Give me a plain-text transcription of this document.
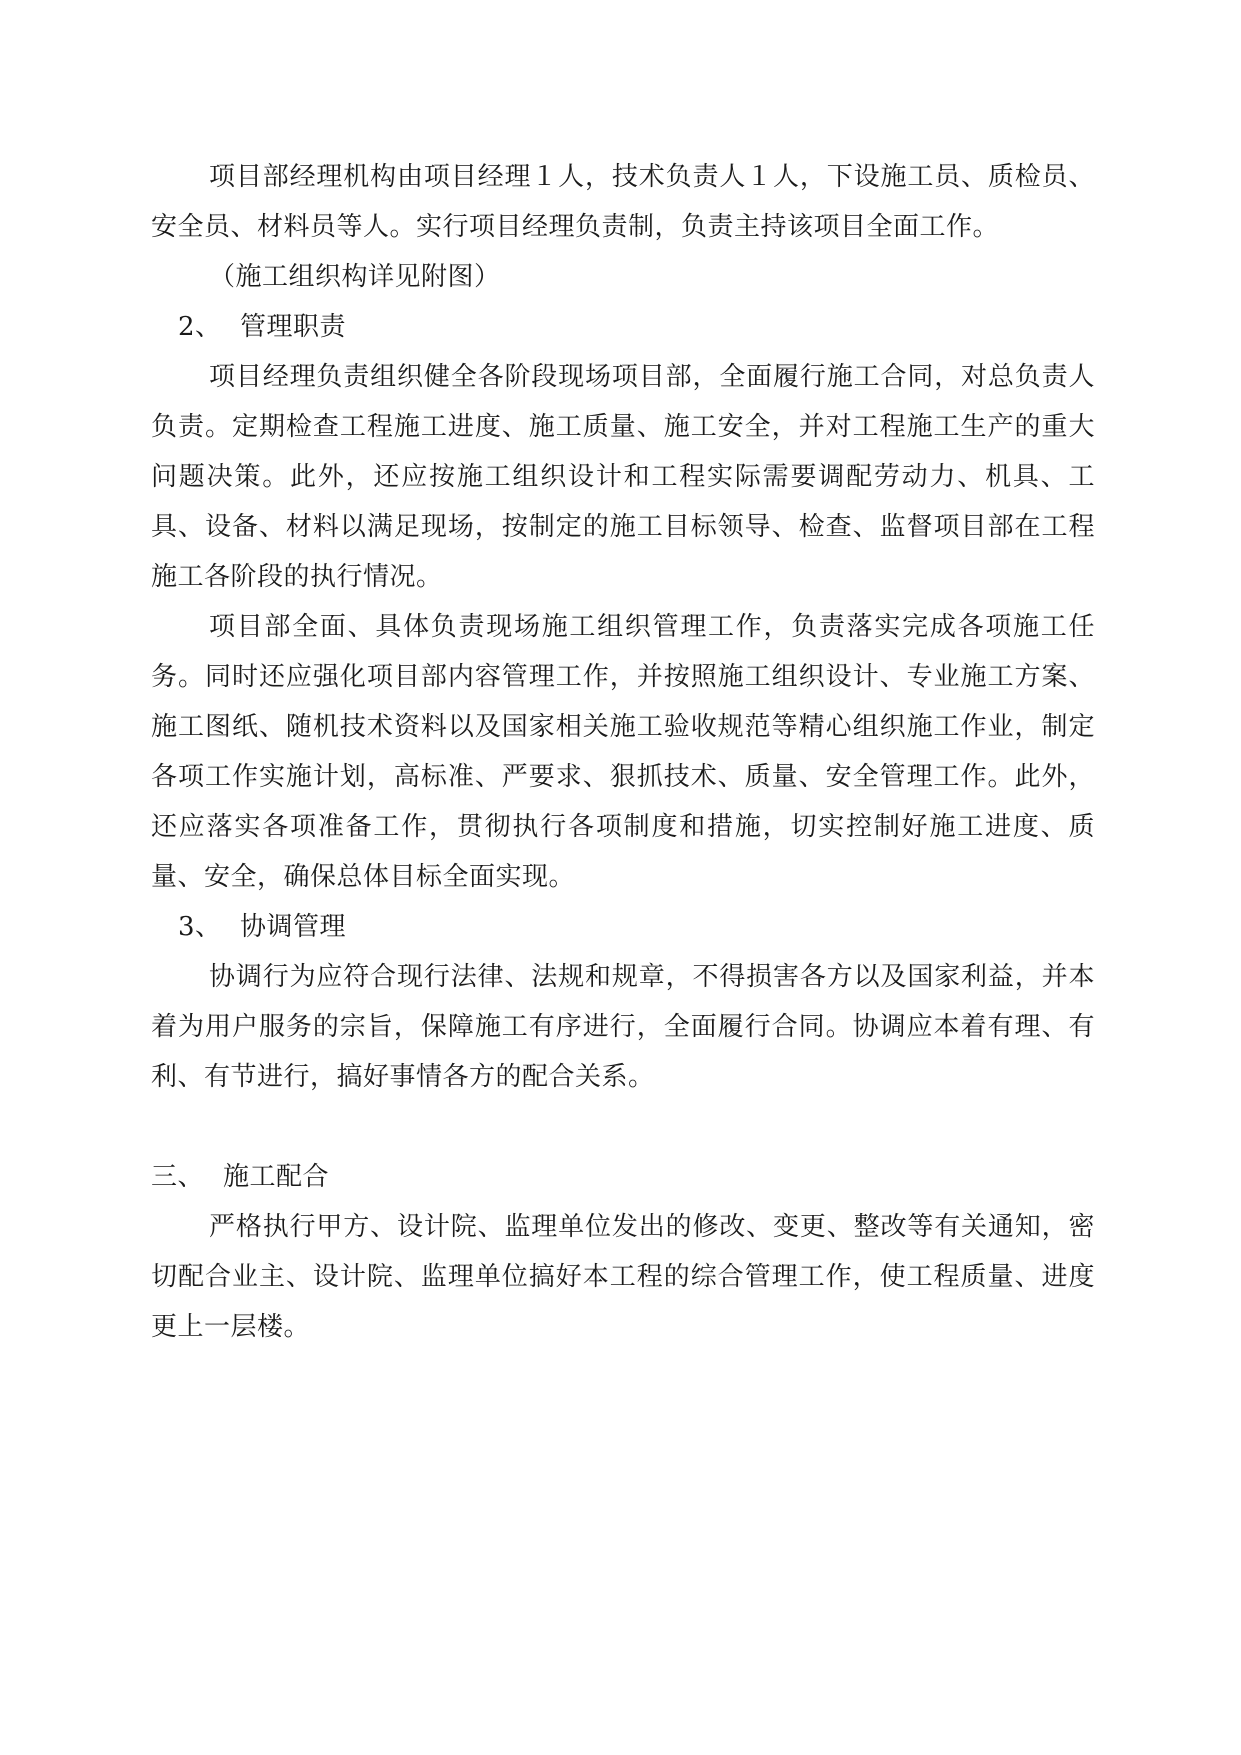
项目部经理机构由项目经理１人，技术负责人１人，下设施工员、质检员、安全员、材料员等人。实行项目经理负责制，负责主持该项目全面工作。

（施工组织构详见附图）

2、 管理职责

项目经理负责组织健全各阶段现场项目部，全面履行施工合同，对总负责人负责。定期检查工程施工进度、施工质量、施工安全，并对工程施工生产的重大问题决策。此外，还应按施工组织设计和工程实际需要调配劳动力、机具、工具、设备、材料以满足现场，按制定的施工目标领导、检查、监督项目部在工程施工各阶段的执行情况。

项目部全面、具体负责现场施工组织管理工作，负责落实完成各项施工任务。同时还应强化项目部内容管理工作，并按照施工组织设计、专业施工方案、施工图纸、随机技术资料以及国家相关施工验收规范等精心组织施工作业，制定各项工作实施计划，高标准、严要求、狠抓技术、质量、安全管理工作。此外，还应落实各项准备工作，贯彻执行各项制度和措施，切实控制好施工进度、质量、安全，确保总体目标全面实现。

3、 协调管理

协调行为应符合现行法律、法规和规章，不得损害各方以及国家利益，并本着为用户服务的宗旨，保障施工有序进行，全面履行合同。协调应本着有理、有利、有节进行，搞好事情各方的配合关系。

三、 施工配合

严格执行甲方、设计院、监理单位发出的修改、变更、整改等有关通知，密切配合业主、设计院、监理单位搞好本工程的综合管理工作，使工程质量、进度更上一层楼。
